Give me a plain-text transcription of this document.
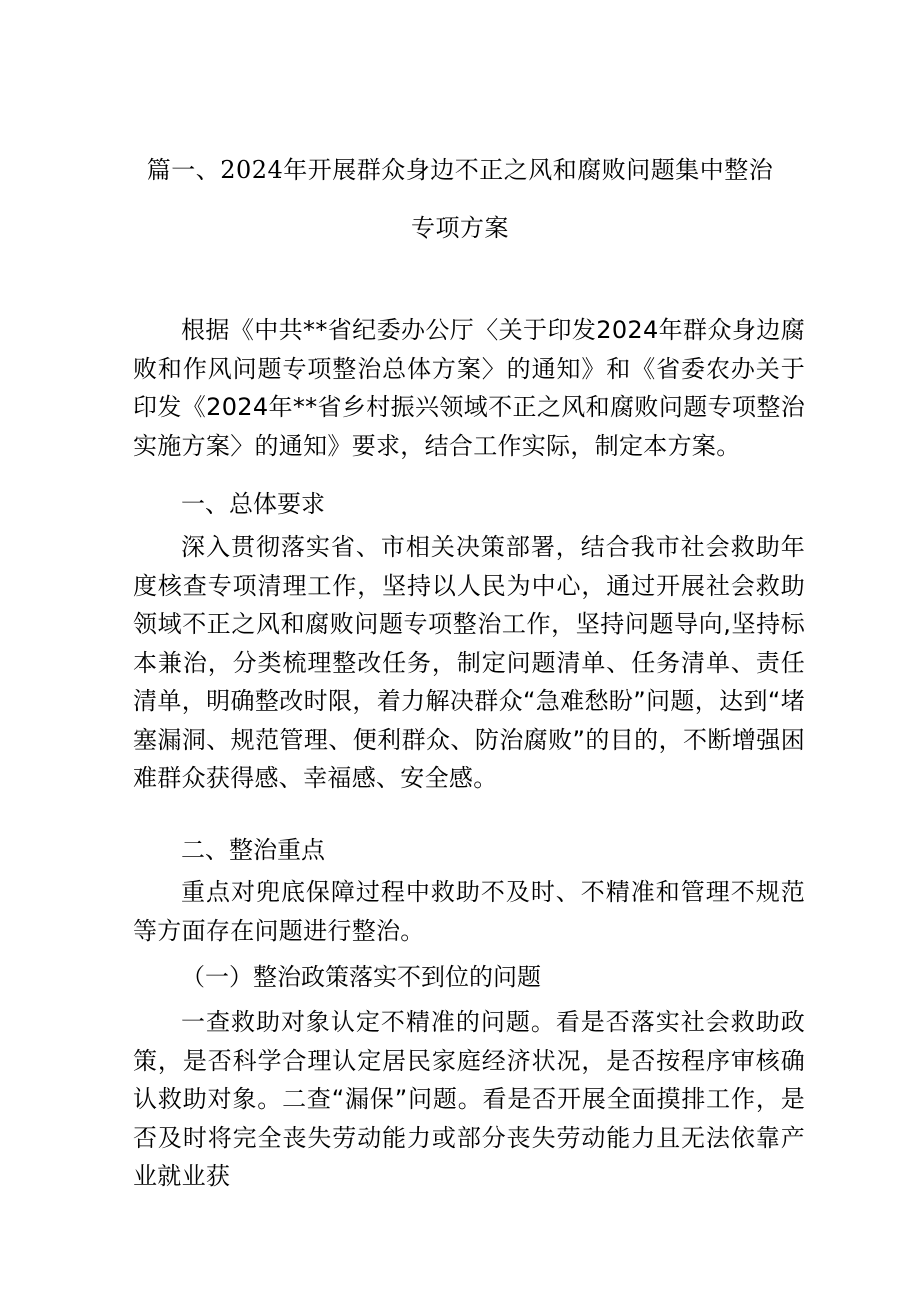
篇一、2024年开展群众身边不正之风和腐败问题集中整治
专项方案
根据《中共**省纪委办公厅〈关于印发2024年群众身边腐败和作风问题专项整治总体方案〉的通知》和《省委农办关于印发《2024年**省乡村振兴领域不正之风和腐败问题专项整治实施方案〉的通知》要求，结合工作实际，制定本方案。
一、总体要求
深入贯彻落实省、市相关决策部署，结合我市社会救助年度核查专项清理工作，坚持以人民为中心，通过开展社会救助领域不正之风和腐败问题专项整治工作，坚持问题导向,坚持标本兼治，分类梳理整改任务，制定问题清单、任务清单、责任清单，明确整改时限，着力解决群众“急难愁盼”问题，达到“堵塞漏洞、规范管理、便利群众、防治腐败”的目的，不断增强困难群众获得感、幸福感、安全感。
二、整治重点
重点对兜底保障过程中救助不及时、不精准和管理不规范等方面存在问题进行整治。
（一）整治政策落实不到位的问题
一查救助对象认定不精准的问题。看是否落实社会救助政策，是否科学合理认定居民家庭经济状况，是否按程序审核确认救助对象。二查“漏保”问题。看是否开展全面摸排工作，是否及时将完全丧失劳动能力或部分丧失劳动能力且无法依靠产业就业获
